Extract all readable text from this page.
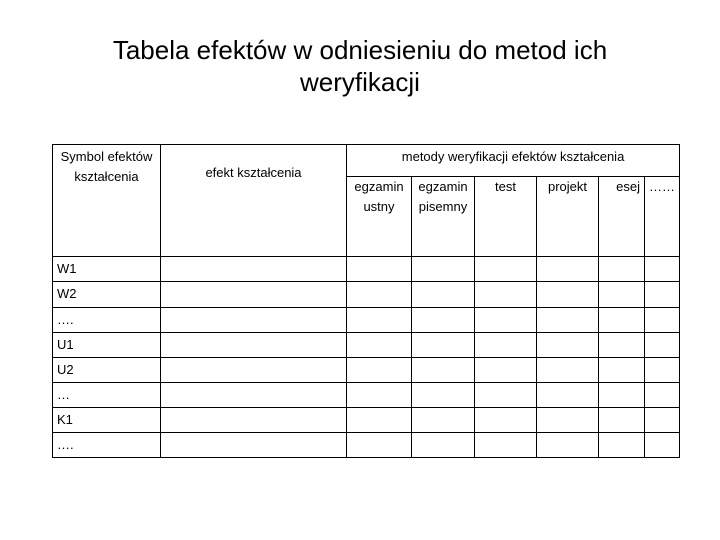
Tabela efektów w odniesieniu do metod ich weryfikacji
Symbol efektów kształcenia	efekt kształcenia	metody weryfikacji efektów kształcenia					
		egzamin ustny	egzamin pisemny	test	projekt	esej	……
W1							
W2							
….							
U1							
U2							
…							
K1							
….							
